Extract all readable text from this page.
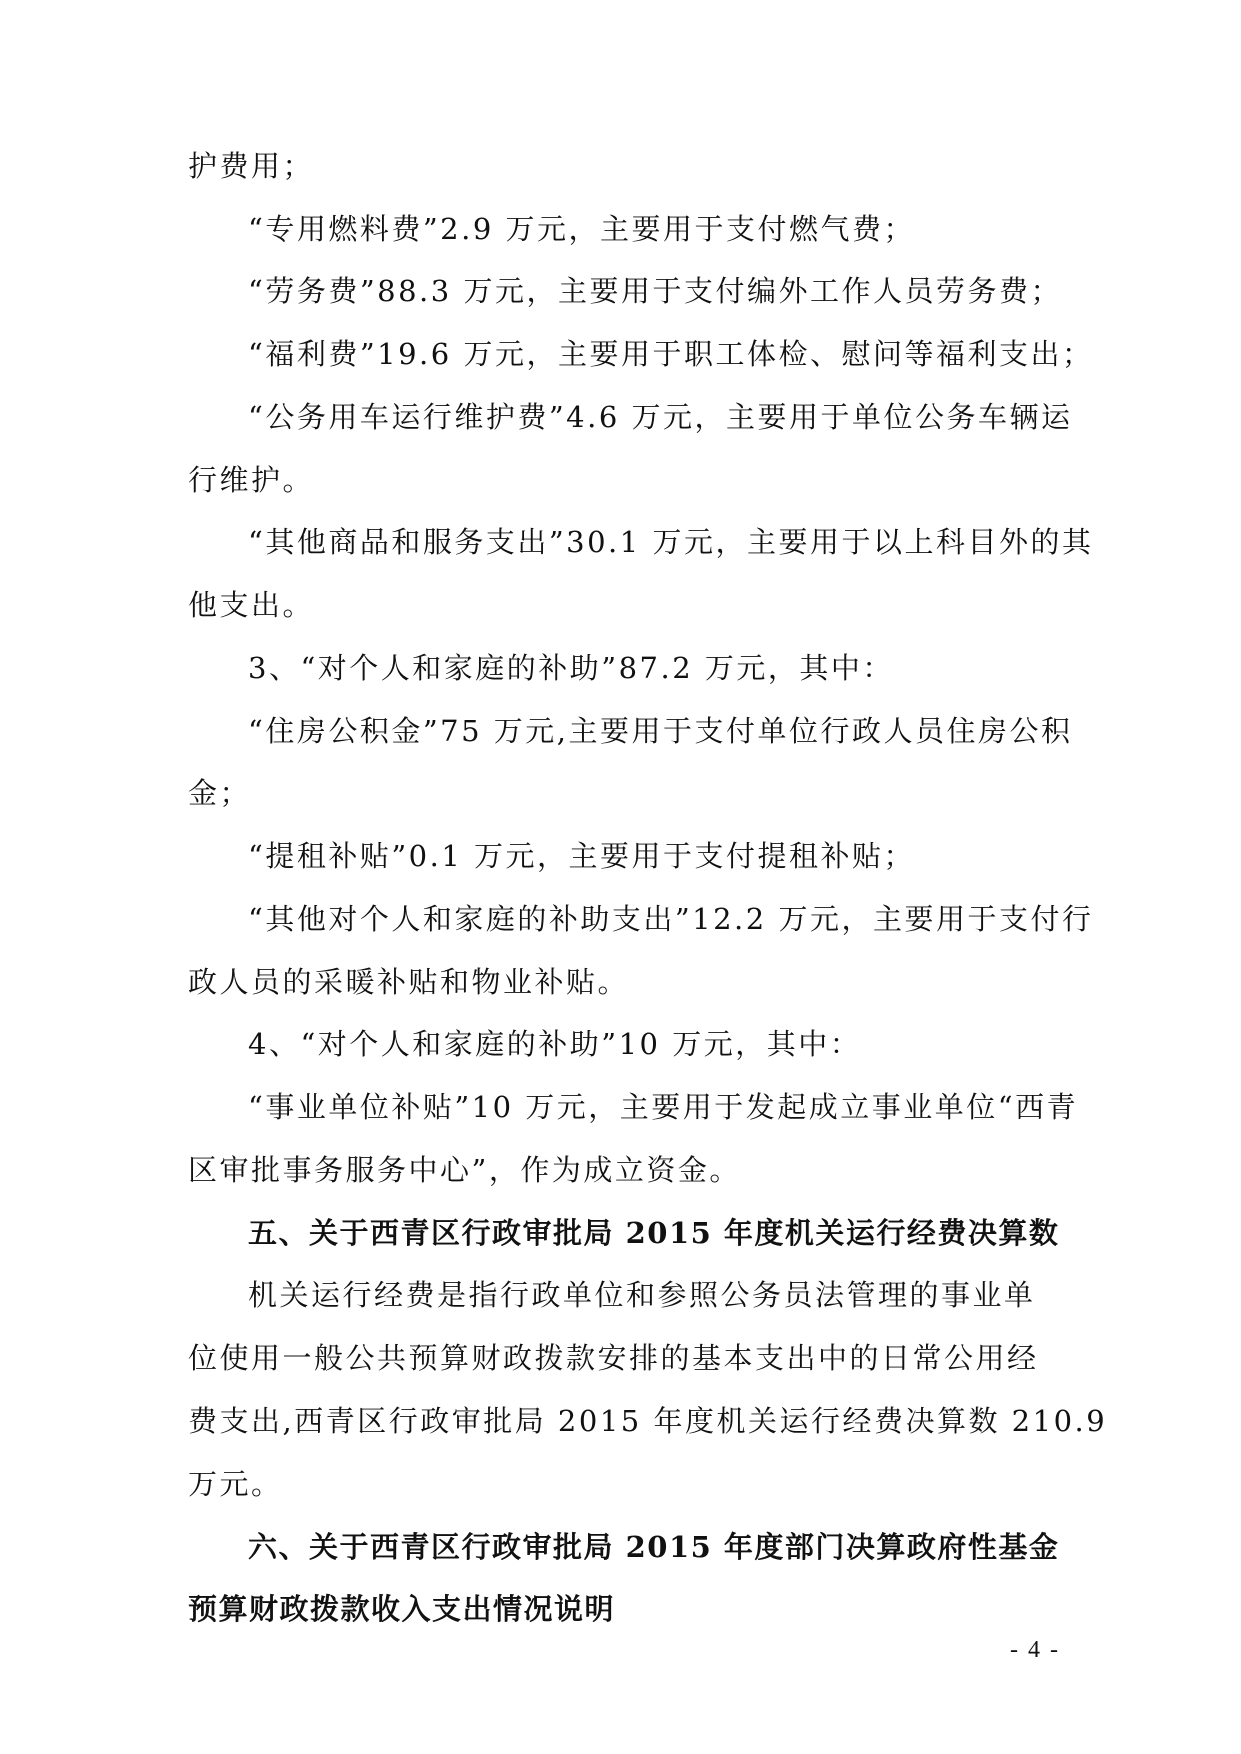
护费用；
“专用燃料费”2.9 万元，主要用于支付燃气费；
“劳务费”88.3 万元，主要用于支付编外工作人员劳务费；
“福利费”19.6 万元，主要用于职工体检、慰问等福利支出；
“公务用车运行维护费”4.6 万元，主要用于单位公务车辆运
行维护。
“其他商品和服务支出”30.1 万元，主要用于以上科目外的其
他支出。
3、“对个人和家庭的补助”87.2 万元，其中：
“住房公积金”75 万元,主要用于支付单位行政人员住房公积
金；
“提租补贴”0.1 万元，主要用于支付提租补贴；
“其他对个人和家庭的补助支出”12.2 万元，主要用于支付行
政人员的采暖补贴和物业补贴。
4、“对个人和家庭的补助”10 万元，其中：
“事业单位补贴”10 万元，主要用于发起成立事业单位“西青
区审批事务服务中心”，作为成立资金。
五、关于西青区行政审批局 2015 年度机关运行经费决算数
机关运行经费是指行政单位和参照公务员法管理的事业单
位使用一般公共预算财政拨款安排的基本支出中的日常公用经
费支出,西青区行政审批局 2015 年度机关运行经费决算数 210.9
万元。
六、关于西青区行政审批局 2015 年度部门决算政府性基金
预算财政拨款收入支出情况说明
- 4 -
